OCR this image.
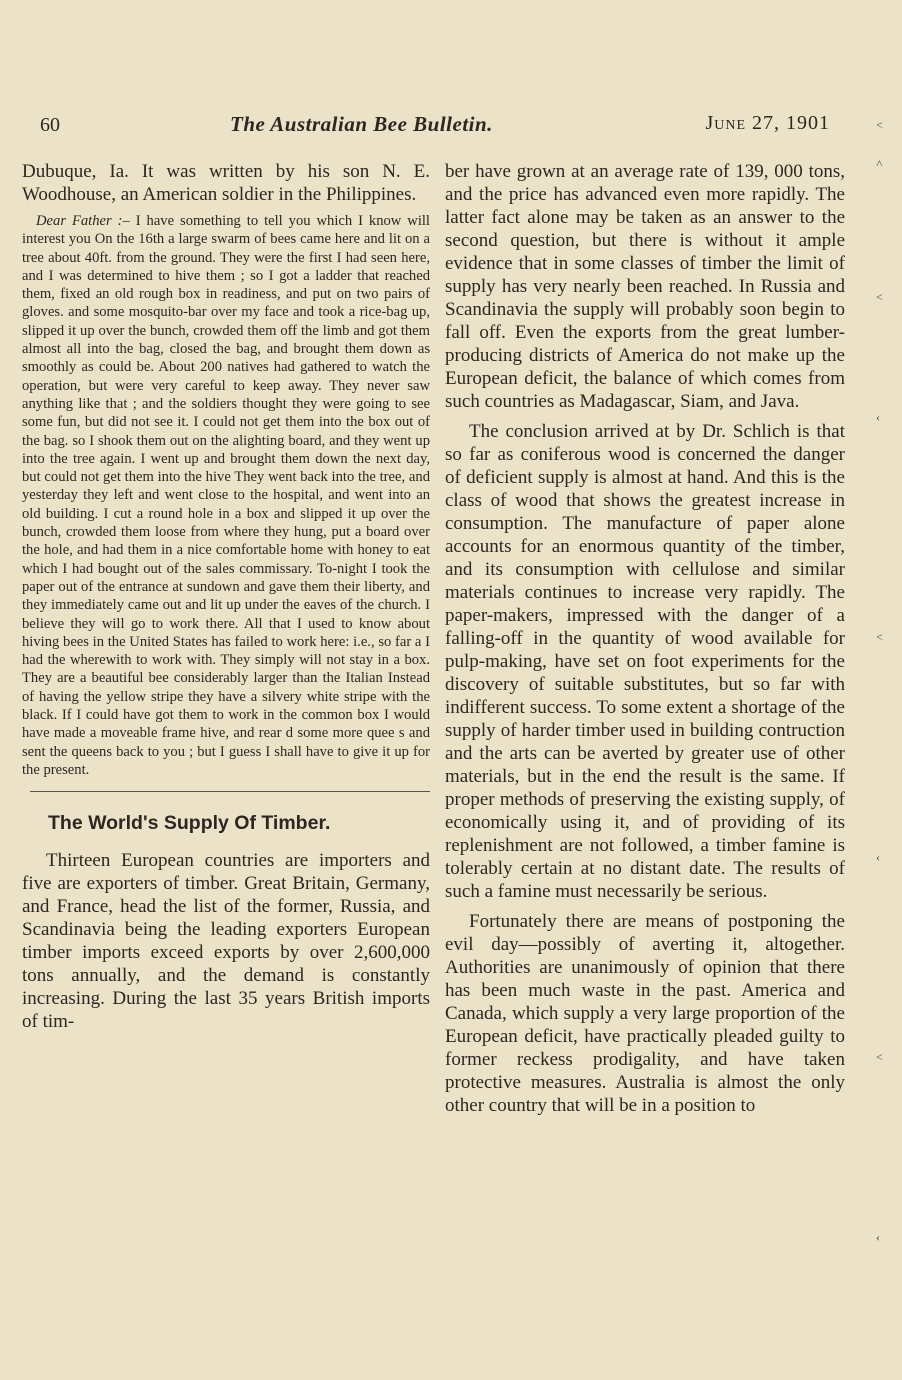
60	The Australian Bee Bulletin.	June 27, 1901

Dubuque, Ia. It was written by his son N. E. Woodhouse, an American soldier in the Philippines.

Dear Father :– I have something to tell you which I know will interest you On the 16th a large swarm of bees came here and lit on a tree about 40ft. from the ground. They were the first I had seen here, and I was determined to hive them ; so I got a ladder that reached them, fixed an old rough box in readiness, and put on two pairs of gloves. and some mosquito-bar over my face and took a rice-bag up, slipped it up over the bunch, crowded them off the limb and got them almost all into the bag, closed the bag, and brought them down as smoothly as could be. About 200 natives had gathered to watch the operation, but were very careful to keep away. They never saw anything like that ; and the soldiers thought they were going to see some fun, but did not see it. I could not get them into the box out of the bag. so I shook them out on the alighting board, and they went up into the tree again. I went up and brought them down the next day, but could not get them into the hive They went back into the tree, and yesterday they left and went close to the hospital, and went into an old building. I cut a round hole in a box and slipped it up over the bunch, crowded them loose from where they hung, put a board over the hole, and had them in a nice comfortable home with honey to eat which I had bought out of the sales commissary. To-night I took the paper out of the entrance at sundown and gave them their liberty, and they immediately came out and lit up under the eaves of the church. I believe they will go to work there. All that I used to know about hiving bees in the United States has failed to work here: i.e., so far a I had the wherewith to work with. They simply will not stay in a box. They are a beautiful bee considerably larger than the Italian Instead of having the yellow stripe they have a silvery white stripe with the black. If I could have got them to work in the common box I would have made a moveable frame hive, and rear d some more quee s and sent the queens back to you ; but I guess I shall have to give it up for the present.

The World's Supply Of Timber.

Thirteen European countries are importers and five are exporters of timber. Great Britain, Germany, and France, head the list of the former, Russia, and Scandinavia being the leading exporters European timber imports exceed exports by over 2,600,000 tons annually, and the demand is constantly increasing. During the last 35 years British imports of tim-

ber have grown at an average rate of 139, 000 tons, and the price has advanced even more rapidly. The latter fact alone may be taken as an answer to the second question, but there is without it ample evidence that in some classes of timber the limit of supply has very nearly been reached. In Russia and Scandinavia the supply will probably soon begin to fall off. Even the exports from the great lumber-producing districts of America do not make up the European deficit, the balance of which comes from such countries as Madagascar, Siam, and Java.

The conclusion arrived at by Dr. Schlich is that so far as coniferous wood is concerned the danger of deficient supply is almost at hand. And this is the class of wood that shows the greatest increase in consumption. The manufacture of paper alone accounts for an enormous quantity of the timber, and its consumption with cellulose and similar materials continues to increase very rapidly. The paper-makers, impressed with the danger of a falling-off in the quantity of wood available for pulp-making, have set on foot experiments for the discovery of suitable substitutes, but so far with indifferent success. To some extent a shortage of the supply of harder timber used in building contruction and the arts can be averted by greater use of other materials, but in the end the result is the same. If proper methods of preserving the existing supply, of economically using it, and of providing of its replenishment are not followed, a timber famine is tolerably certain at no distant date. The results of such a famine must necessarily be serious.

Fortunately there are means of postponing the evil day—possibly of averting it, altogether. Authorities are unanimously of opinion that there has been much waste in the past. America and Canada, which supply a very large proportion of the European deficit, have practically pleaded guilty to former reckess prodigality, and have taken protective measures. Australia is almost the only other country that will be in a position to

˂
˄
˂
‹
˂
‹
˂
‹
